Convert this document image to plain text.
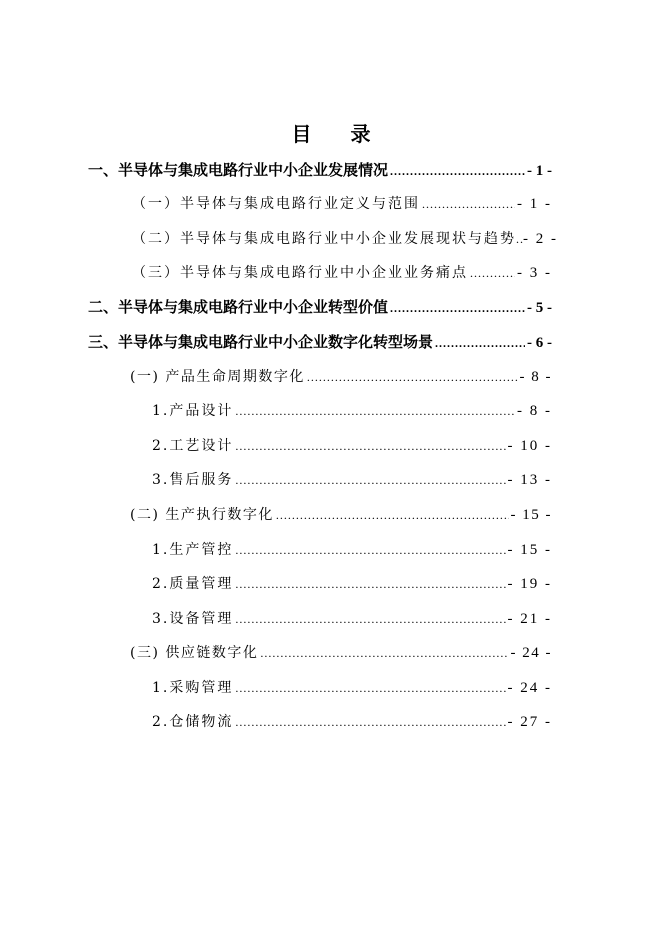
目 录
一、半导体与集成电路行业中小企业发展情况 .....	- 1 -
（一）半导体与集成电路行业定义与范围 .....	- 1 -
（二）半导体与集成电路行业中小企业发展现状与趋势 ..... - 2 -
（三）半导体与集成电路行业中小企业业务痛点 .....	- 3 -
二、半导体与集成电路行业中小企业转型价值 .....	- 5 -
三、半导体与集成电路行业中小企业数字化转型场景 .....	- 6 -
(一) 产品生命周期数字化 .....	- 8 -
1.产品设计 .....	- 8 -
2.工艺设计 .....	- 10 -
3.售后服务 .....	- 13 -
(二) 生产执行数字化 .....	- 15 -
1.生产管控 .....	- 15 -
2.质量管理 .....	- 19 -
3.设备管理 .....	- 21 -
(三) 供应链数字化 .....	- 24 -
1.采购管理 .....	- 24 -
2.仓储物流 .....	- 27 -
